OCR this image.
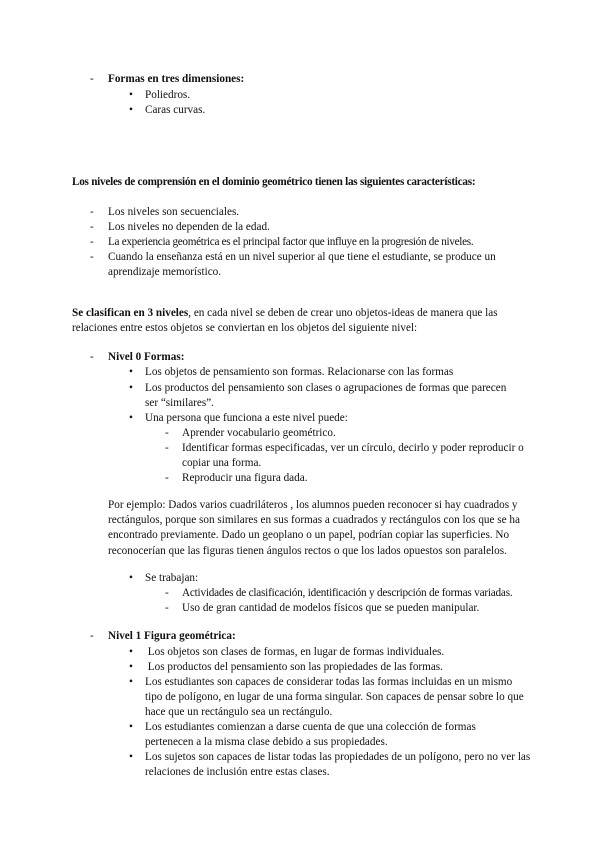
- Formas en tres dimensiones:
• Poliedros.
• Caras curvas.
Los niveles de comprensión en el dominio geométrico tienen las siguientes características:
- Los niveles son secuenciales.
- Los niveles no dependen de la edad.
- La experiencia geométrica es el principal factor que influye en la progresión de niveles.
- Cuando la enseñanza está en un nivel superior al que tiene el estudiante, se produce un aprendizaje memorístico.
Se clasifican en 3 niveles, en cada nivel se deben de crear uno objetos-ideas de manera que las relaciones entre estos objetos se conviertan en los objetos del siguiente nivel:
- Nivel 0 Formas:
• Los objetos de pensamiento son formas. Relacionarse con las formas
• Los productos del pensamiento son clases o agrupaciones de formas que parecen ser “similares”.
• Una persona que funciona a este nivel puede:
- Aprender vocabulario geométrico.
- Identificar formas especificadas, ver un círculo, decirlo y poder reproducir o copiar una forma.
- Reproducir una figura dada.
Por ejemplo: Dados varios cuadriláteros , los alumnos pueden reconocer si hay cuadrados y rectángulos, porque son similares en sus formas a cuadrados y rectángulos con los que se ha encontrado previamente. Dado un geoplano o un papel, podrían copiar las superficies. No reconocerían que las figuras tienen ángulos rectos o que los lados opuestos son paralelos.
• Se trabajan:
- Actividades de clasificación, identificación y descripción de formas variadas.
- Uso de gran cantidad de modelos físicos que se pueden manipular.
- Nivel 1 Figura geométrica:
• Los objetos son clases de formas, en lugar de formas individuales.
• Los productos del pensamiento son las propiedades de las formas.
• Los estudiantes son capaces de considerar todas las formas incluidas en un mismo tipo de polígono, en lugar de una forma singular. Son capaces de pensar sobre lo que hace que un rectángulo sea un rectángulo.
• Los estudiantes comienzan a darse cuenta de que una colección de formas pertenecen a la misma clase debido a sus propiedades.
• Los sujetos son capaces de listar todas las propiedades de un polígono, pero no ver las relaciones de inclusión entre estas clases.
